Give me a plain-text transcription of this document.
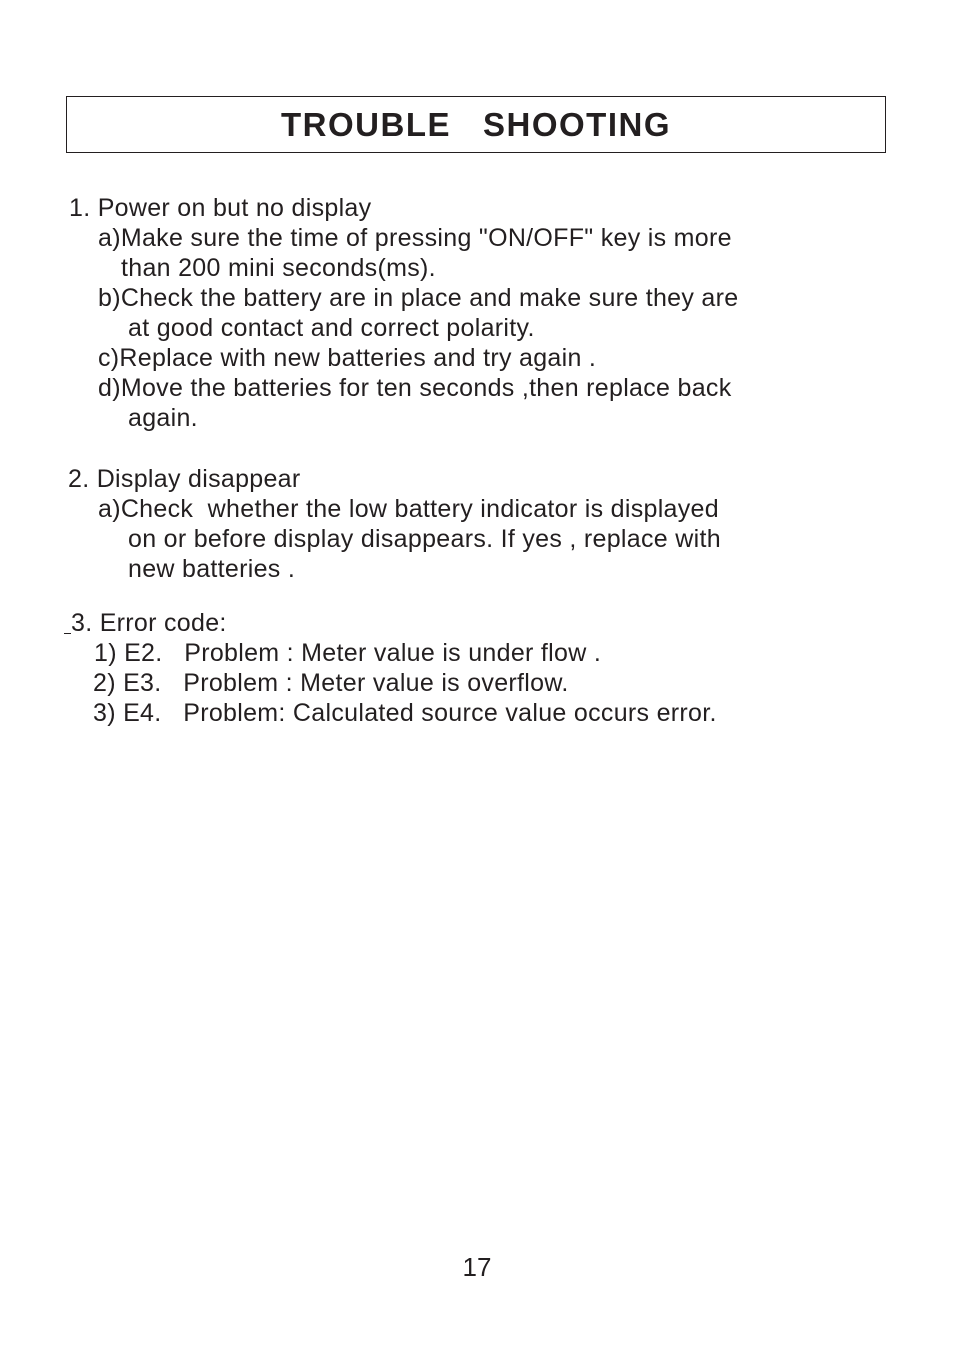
TROUBLE   SHOOTING
1. Power on but no display
a)Make sure the time of pressing "ON/OFF" key is more
than 200 mini seconds(ms).
b)Check the battery are in place and make sure they are
at good contact and correct polarity.
c)Replace with new batteries and try again .
d)Move the batteries for ten seconds ,then replace back
again.
2. Display disappear
a)Check  whether the low battery indicator is displayed
on or before display disappears. If yes , replace with
new batteries .
3. Error code:
1) E2.   Problem : Meter value is under flow .
2) E3.   Problem : Meter value is overflow.
3) E4.   Problem: Calculated source value occurs error.
17
